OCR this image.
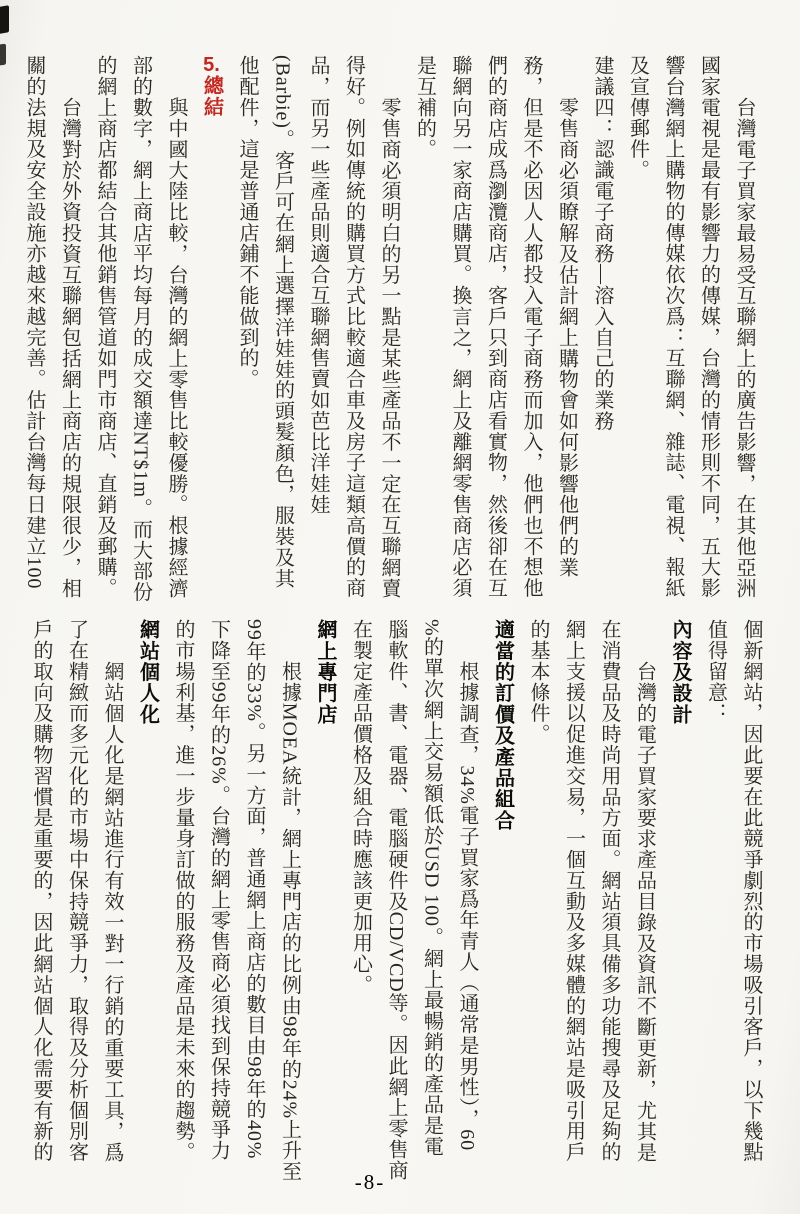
台灣電子買家最易受互聯網上的廣告影響，在其他亞洲
國家電視是最有影響力的傳媒，台灣的情形則不同，五大影
響台灣網上購物的傳媒依次爲：互聯網、雜誌、電視、報紙
及宣傳郵件。
建議四：認識電子商務—溶入自己的業務
零售商必須瞭解及估計網上購物會如何影響他們的業
務，但是不必因人人都投入電子商務而加入，他們也不想他
們的商店成爲瀏灠商店，客戶只到商店看實物，然後卻在互
聯網向另一家商店購買。換言之，網上及離網零售商店必須
是互補的。
零售商必須明白的另一點是某些產品不一定在互聯網賣
得好。例如傳統的購買方式比較適合車及房子這類高價的商
品，而另一些產品則適合互聯網售賣如芭比洋娃娃
(Barbie)。客戶可在網上選擇洋娃娃的頭髮顏色，服裝及其
他配件，這是普通店鋪不能做到的。
5.總結
與中國大陸比較，台灣的網上零售比較優勝。根據經濟
部的數字，網上商店平均每月的成交額達NT$1m。而大部份
的網上商店都結合其他銷售管道如門市商店、直銷及郵購。
台灣對於外資投資互聯網包括網上商店的規限很少，相
關的法規及安全設施亦越來越完善。估計台灣每日建立100
個新網站，因此要在此競爭劇烈的市場吸引客戶，以下幾點
值得留意：
內容及設計
台灣的電子買家要求產品目錄及資訊不斷更新，尤其是
在消費品及時尚用品方面。網站須具備多功能搜尋及足夠的
網上支援以促進交易，一個互動及多媒體的網站是吸引用戶
的基本條件。
適當的訂價及產品組合
根據調查，34%電子買家爲年青人（通常是男性），60
%的單次網上交易額低於USD 100。網上最暢銷的產品是電
腦軟件、書、電器、電腦硬件及CD/VCD等。因此網上零售商
在製定產品價格及組合時應該更加用心。
網上專門店
根據MOEA統計，網上專門店的比例由98年的24%上升至
99年的33%。另一方面，普通網上商店的數目由98年的40%
下降至99年的26%。台灣的網上零售商必須找到保持競爭力
的市場利基，進一步量身訂做的服務及產品是未來的趨勢。
網站個人化
網站個人化是網站進行有效一對一行銷的重要工具，爲
了在精緻而多元化的市場中保持競爭力，取得及分析個別客
戶的取向及購物習慣是重要的，因此網站個人化需要有新的
-8-
